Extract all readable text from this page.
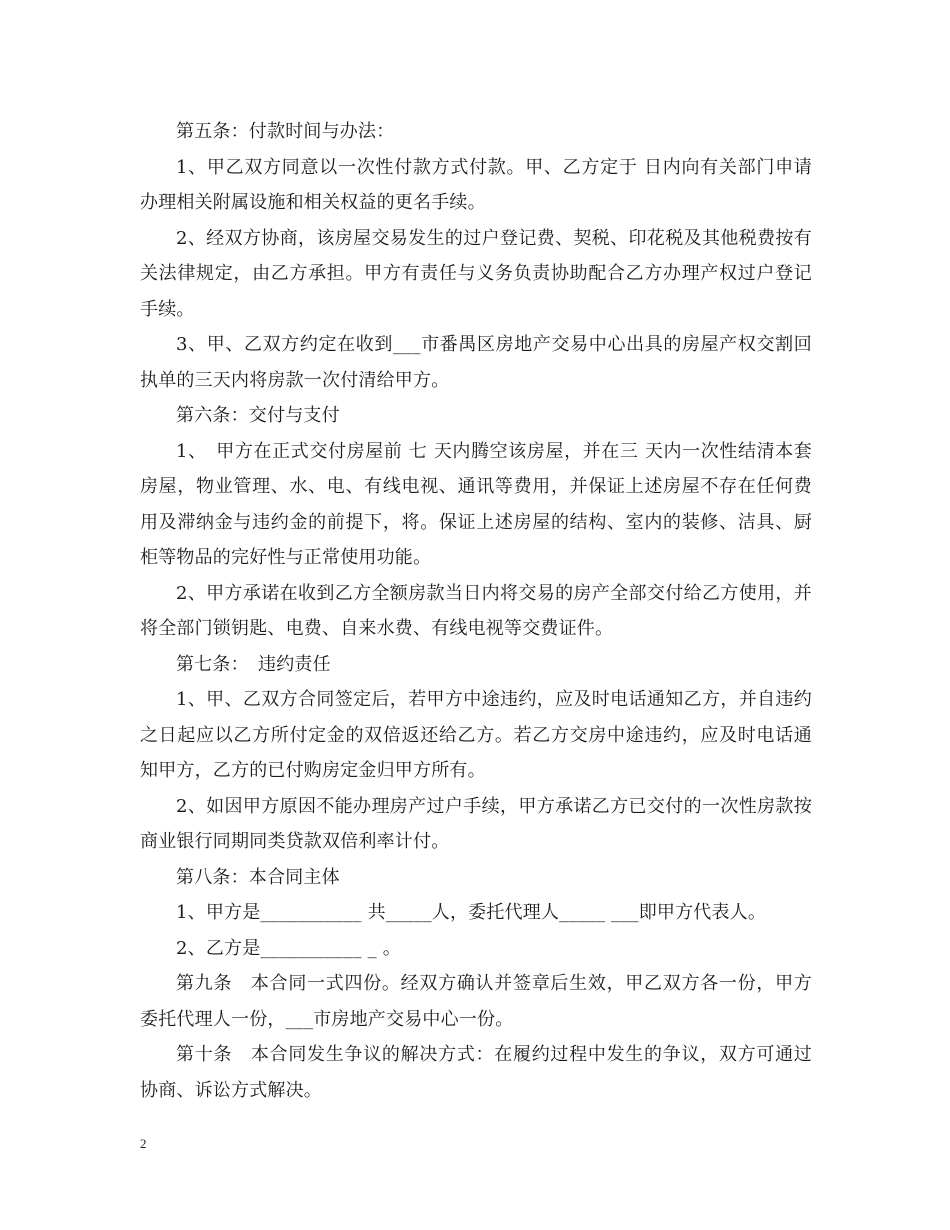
第五条：付款时间与办法：

1、甲乙双方同意以一次性付款方式付款。甲、乙方定于 日内向有关部门申请办理相关附属设施和相关权益的更名手续。

2、经双方协商，该房屋交易发生的过户登记费、契税、印花税及其他税费按有关法律规定，由乙方承担。甲方有责任与义务负责协助配合乙方办理产权过户登记手续。

3、甲、乙双方约定在收到___市番禺区房地产交易中心出具的房屋产权交割回执单的三天内将房款一次付清给甲方。

第六条：交付与支付

1、　甲方在正式交付房屋前 七 天内腾空该房屋，并在三 天内一次性结清本套房屋，物业管理、水、电、有线电视、通讯等费用，并保证上述房屋不存在任何费用及滞纳金与违约金的前提下，将。保证上述房屋的结构、室内的装修、洁具、厨柜等物品的完好性与正常使用功能。

2、甲方承诺在收到乙方全额房款当日内将交易的房产全部交付给乙方使用，并将全部门锁钥匙、电费、自来水费、有线电视等交费证件。

第七条：　违约责任

1、甲、乙双方合同签定后，若甲方中途违约，应及时电话通知乙方，并自违约之日起应以乙方所付定金的双倍返还给乙方。若乙方交房中途违约，应及时电话通知甲方，乙方的已付购房定金归甲方所有。

2、如因甲方原因不能办理房产过户手续，甲方承诺乙方已交付的一次性房款按商业银行同期同类贷款双倍利率计付。

第八条：本合同主体

1、甲方是___________ 共_____人，委托代理人_____ ___即甲方代表人。

2、乙方是___________ _ 。

第九条　本合同一式四份。经双方确认并签章后生效，甲乙双方各一份，甲方委托代理人一份，___市房地产交易中心一份。

第十条　本合同发生争议的解决方式：在履约过程中发生的争议，双方可通过协商、诉讼方式解决。

2
